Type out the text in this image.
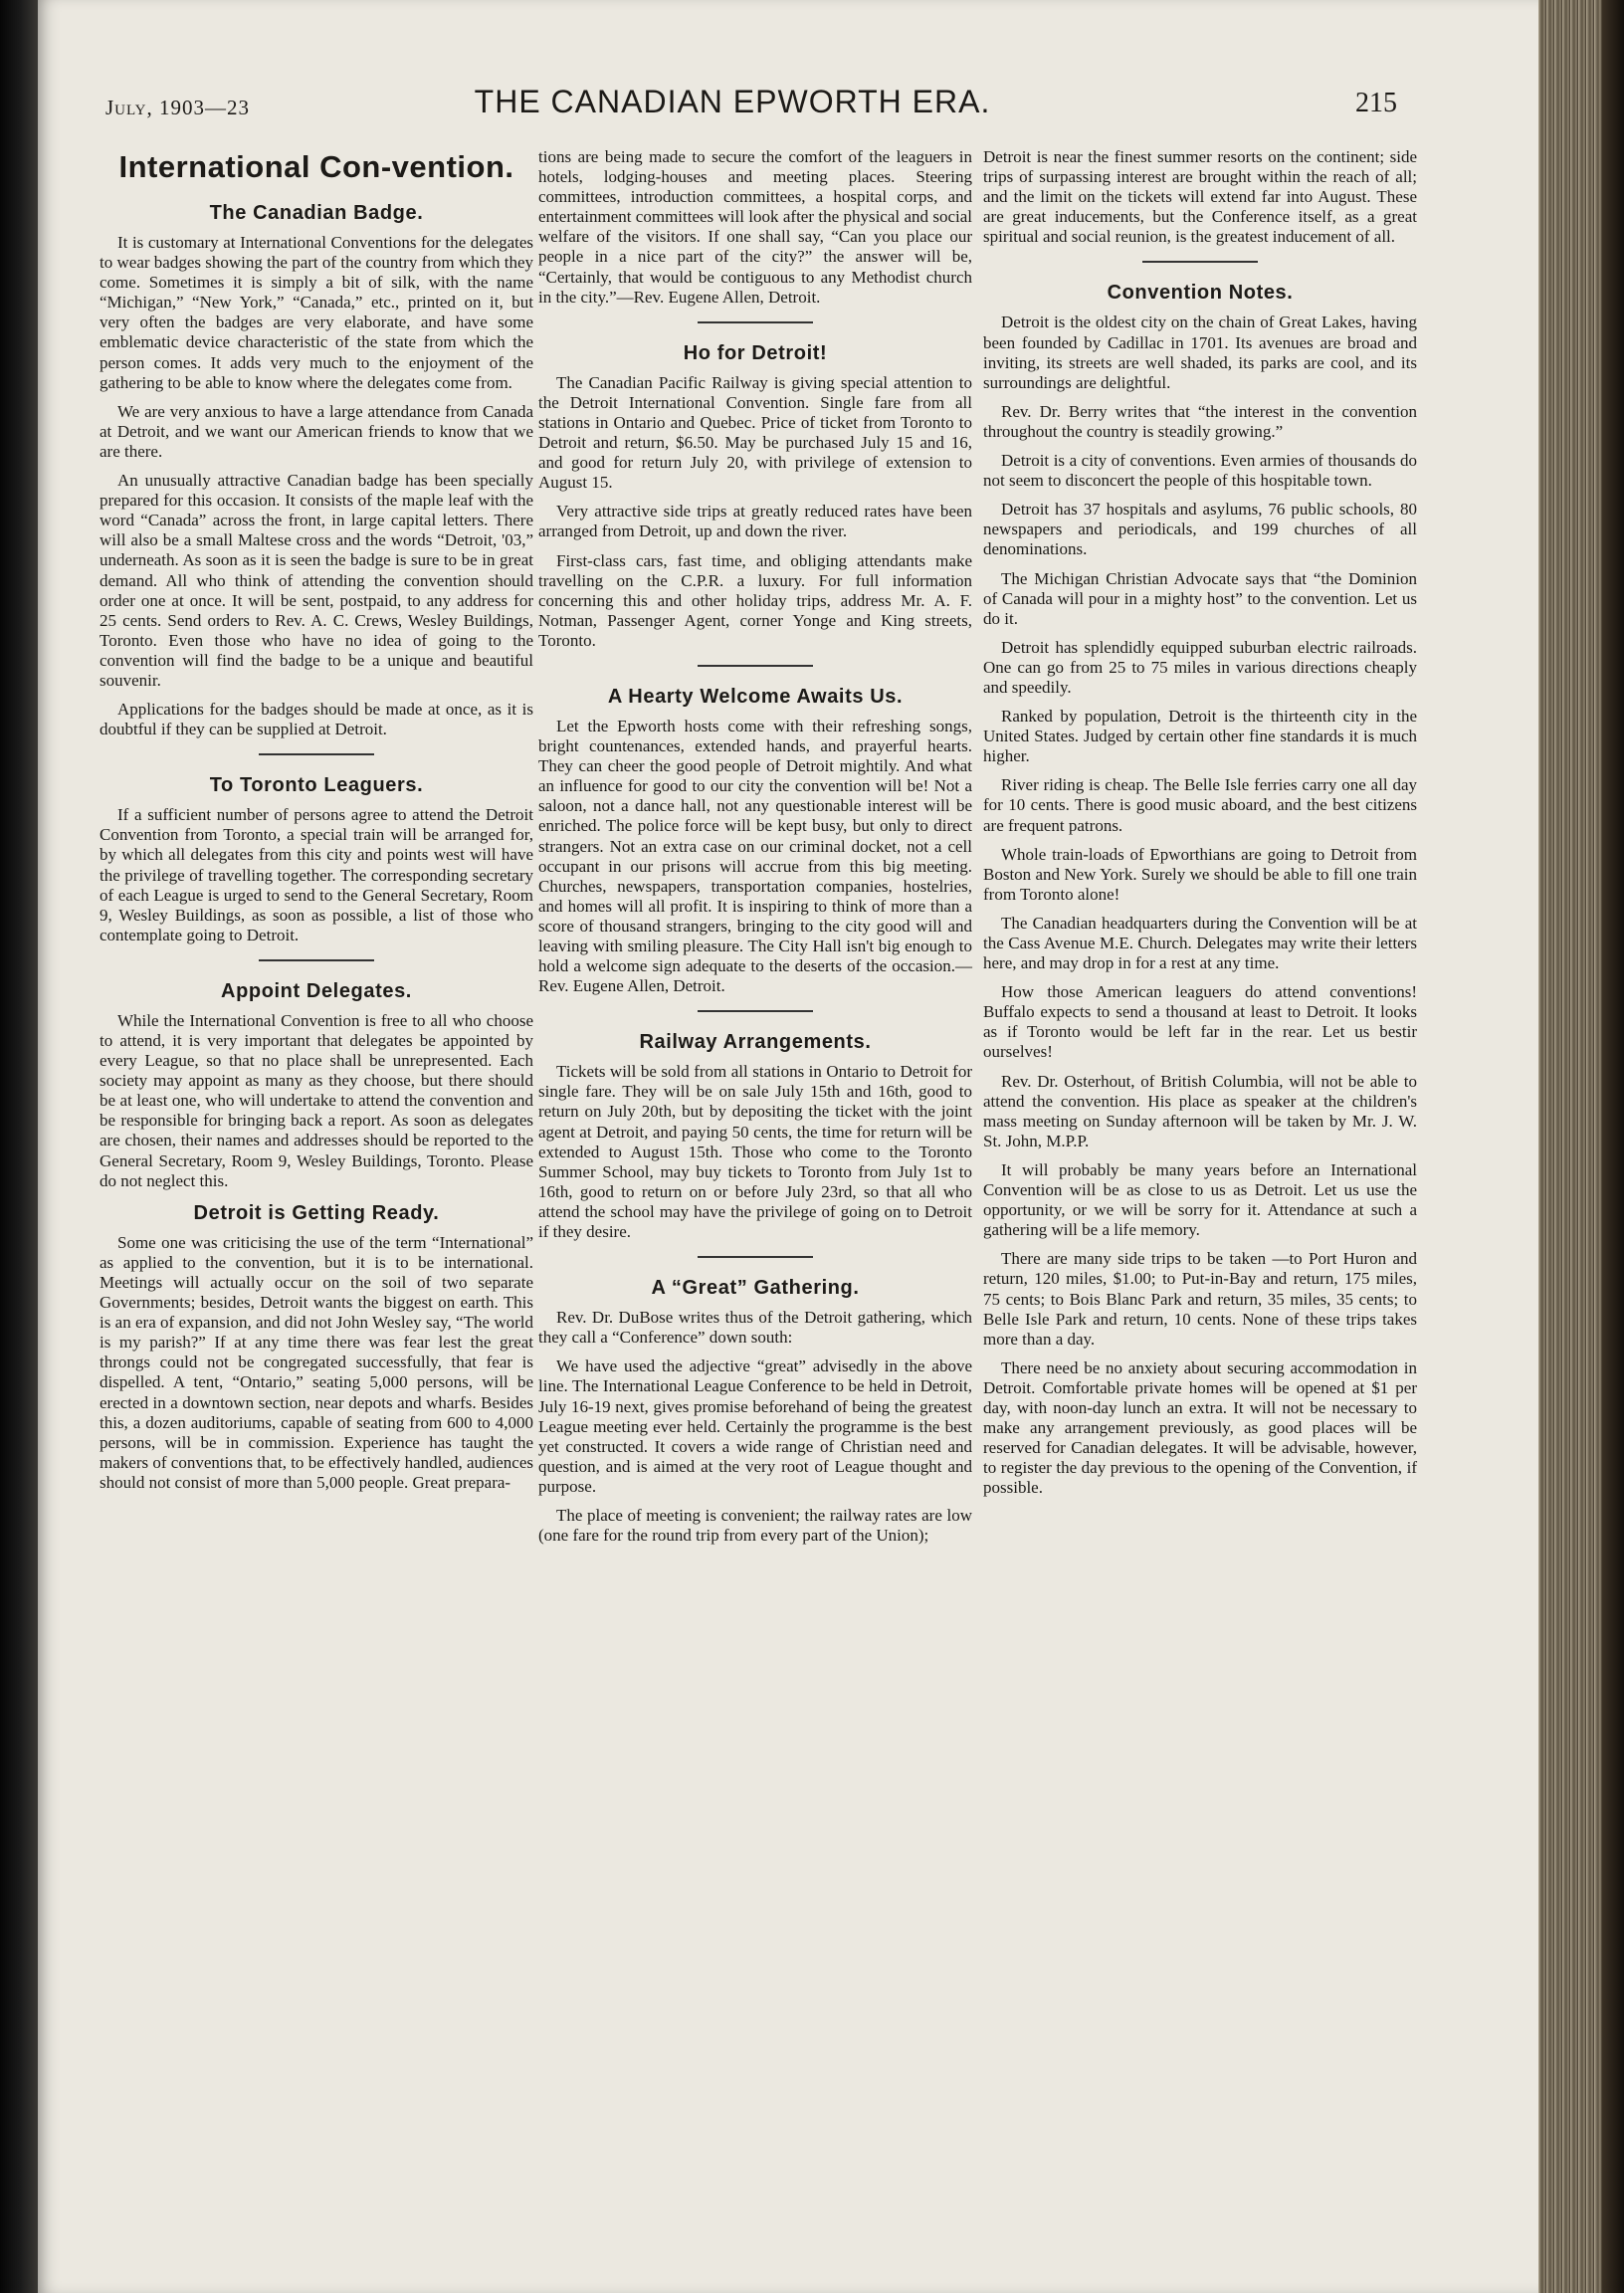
July, 1903—23	THE CANADIAN EPWORTH ERA.	215
International Con-vention.
The Canadian Badge.

It is customary at International Conventions for the delegates to wear badges showing the part of the country from which they come. Sometimes it is simply a bit of silk, with the name “Michigan,” “New York,” “Canada,” etc., printed on it, but very often the badges are very elaborate, and have some emblematic device characteristic of the state from which the person comes. It adds very much to the enjoyment of the gathering to be able to know where the delegates come from.

We are very anxious to have a large attendance from Canada at Detroit, and we want our American friends to know that we are there.

An unusually attractive Canadian badge has been specially prepared for this occasion. It consists of the maple leaf with the word “Canada” across the front, in large capital letters. There will also be a small Maltese cross and the words “Detroit, '03,” underneath. As soon as it is seen the badge is sure to be in great demand. All who think of attending the convention should order one at once. It will be sent, postpaid, to any address for 25 cents. Send orders to Rev. A. C. Crews, Wesley Buildings, Toronto. Even those who have no idea of going to the convention will find the badge to be a unique and beautiful souvenir.

Applications for the badges should be made at once, as it is doubtful if they can be supplied at Detroit.

To Toronto Leaguers.

If a sufficient number of persons agree to attend the Detroit Convention from Toronto, a special train will be arranged for, by which all delegates from this city and points west will have the privilege of travelling together. The corresponding secretary of each League is urged to send to the General Secretary, Room 9, Wesley Buildings, as soon as possible, a list of those who contemplate going to Detroit.

Appoint Delegates.

While the International Convention is free to all who choose to attend, it is very important that delegates be appointed by every League, so that no place shall be unrepresented. Each society may appoint as many as they choose, but there should be at least one, who will undertake to attend the convention and be responsible for bringing back a report. As soon as delegates are chosen, their names and addresses should be reported to the General Secretary, Room 9, Wesley Buildings, Toronto. Please do not neglect this.

Detroit is Getting Ready.

Some one was criticising the use of the term “International” as applied to the convention, but it is to be international. Meetings will actually occur on the soil of two separate Governments; besides, Detroit wants the biggest on earth. This is an era of expansion, and did not John Wesley say, “The world is my parish?” If at any time there was fear lest the great throngs could not be congregated successfully, that fear is dispelled. A tent, “Ontario,” seating 5,000 persons, will be erected in a downtown section, near depots and wharfs. Besides this, a dozen auditoriums, capable of seating from 600 to 4,000 persons, will be in commission. Experience has taught the makers of conventions that, to be effectively handled, audiences should not consist of more than 5,000 people. Great prepara-

tions are being made to secure the comfort of the leaguers in hotels, lodging-houses and meeting places. Steering committees, introduction committees, a hospital corps, and entertainment committees will look after the physical and social welfare of the visitors. If one shall say, “Can you place our people in a nice part of the city?” the answer will be, “Certainly, that would be contiguous to any Methodist church in the city.”—Rev. Eugene Allen, Detroit.

Ho for Detroit!

The Canadian Pacific Railway is giving special attention to the Detroit International Convention. Single fare from all stations in Ontario and Quebec. Price of ticket from Toronto to Detroit and return, $6.50. May be purchased July 15 and 16, and good for return July 20, with privilege of extension to August 15.

Very attractive side trips at greatly reduced rates have been arranged from Detroit, up and down the river.

First-class cars, fast time, and obliging attendants make travelling on the C.P.R. a luxury. For full information concerning this and other holiday trips, address Mr. A. F. Notman, Passenger Agent, corner Yonge and King streets, Toronto.

A Hearty Welcome Awaits Us.

Let the Epworth hosts come with their refreshing songs, bright countenances, extended hands, and prayerful hearts. They can cheer the good people of Detroit mightily. And what an influence for good to our city the convention will be! Not a saloon, not a dance hall, not any questionable interest will be enriched. The police force will be kept busy, but only to direct strangers. Not an extra case on our criminal docket, not a cell occupant in our prisons will accrue from this big meeting. Churches, newspapers, transportation companies, hostelries, and homes will all profit. It is inspiring to think of more than a score of thousand strangers, bringing to the city good will and leaving with smiling pleasure. The City Hall isn't big enough to hold a welcome sign adequate to the deserts of the occasion.—Rev. Eugene Allen, Detroit.

Railway Arrangements.

Tickets will be sold from all stations in Ontario to Detroit for single fare. They will be on sale July 15th and 16th, good to return on July 20th, but by depositing the ticket with the joint agent at Detroit, and paying 50 cents, the time for return will be extended to August 15th. Those who come to the Toronto Summer School, may buy tickets to Toronto from July 1st to 16th, good to return on or before July 23rd, so that all who attend the school may have the privilege of going on to Detroit if they desire.

A “Great” Gathering.

Rev. Dr. DuBose writes thus of the Detroit gathering, which they call a “Conference” down south:

We have used the adjective “great” advisedly in the above line. The International League Conference to be held in Detroit, July 16-19 next, gives promise beforehand of being the greatest League meeting ever held. Certainly the programme is the best yet constructed. It covers a wide range of Christian need and question, and is aimed at the very root of League thought and purpose.

The place of meeting is convenient; the railway rates are low (one fare for the round trip from every part of the Union);

Detroit is near the finest summer resorts on the continent; side trips of surpassing interest are brought within the reach of all; and the limit on the tickets will extend far into August. These are great inducements, but the Conference itself, as a great spiritual and social reunion, is the greatest inducement of all.

Convention Notes.

Detroit is the oldest city on the chain of Great Lakes, having been founded by Cadillac in 1701. Its avenues are broad and inviting, its streets are well shaded, its parks are cool, and its surroundings are delightful.

Rev. Dr. Berry writes that “the interest in the convention throughout the country is steadily growing.”

Detroit is a city of conventions. Even armies of thousands do not seem to disconcert the people of this hospitable town.

Detroit has 37 hospitals and asylums, 76 public schools, 80 newspapers and periodicals, and 199 churches of all denominations.

The Michigan Christian Advocate says that “the Dominion of Canada will pour in a mighty host” to the convention. Let us do it.

Detroit has splendidly equipped suburban electric railroads. One can go from 25 to 75 miles in various directions cheaply and speedily.

Ranked by population, Detroit is the thirteenth city in the United States. Judged by certain other fine standards it is much higher.

River riding is cheap. The Belle Isle ferries carry one all day for 10 cents. There is good music aboard, and the best citizens are frequent patrons.

Whole train-loads of Epworthians are going to Detroit from Boston and New York. Surely we should be able to fill one train from Toronto alone!

The Canadian headquarters during the Convention will be at the Cass Avenue M.E. Church. Delegates may write their letters here, and may drop in for a rest at any time.

How those American leaguers do attend conventions! Buffalo expects to send a thousand at least to Detroit. It looks as if Toronto would be left far in the rear. Let us bestir ourselves!

Rev. Dr. Osterhout, of British Columbia, will not be able to attend the convention. His place as speaker at the children's mass meeting on Sunday afternoon will be taken by Mr. J. W. St. John, M.P.P.

It will probably be many years before an International Convention will be as close to us as Detroit. Let us use the opportunity, or we will be sorry for it. Attendance at such a gathering will be a life memory.

There are many side trips to be taken —to Port Huron and return, 120 miles, $1.00; to Put-in-Bay and return, 175 miles, 75 cents; to Bois Blanc Park and return, 35 miles, 35 cents; to Belle Isle Park and return, 10 cents. None of these trips takes more than a day.

There need be no anxiety about securing accommodation in Detroit. Comfortable private homes will be opened at $1 per day, with noon-day lunch an extra. It will not be necessary to make any arrangement previously, as good places will be reserved for Canadian delegates. It will be advisable, however, to register the day previous to the opening of the Convention, if possible.
